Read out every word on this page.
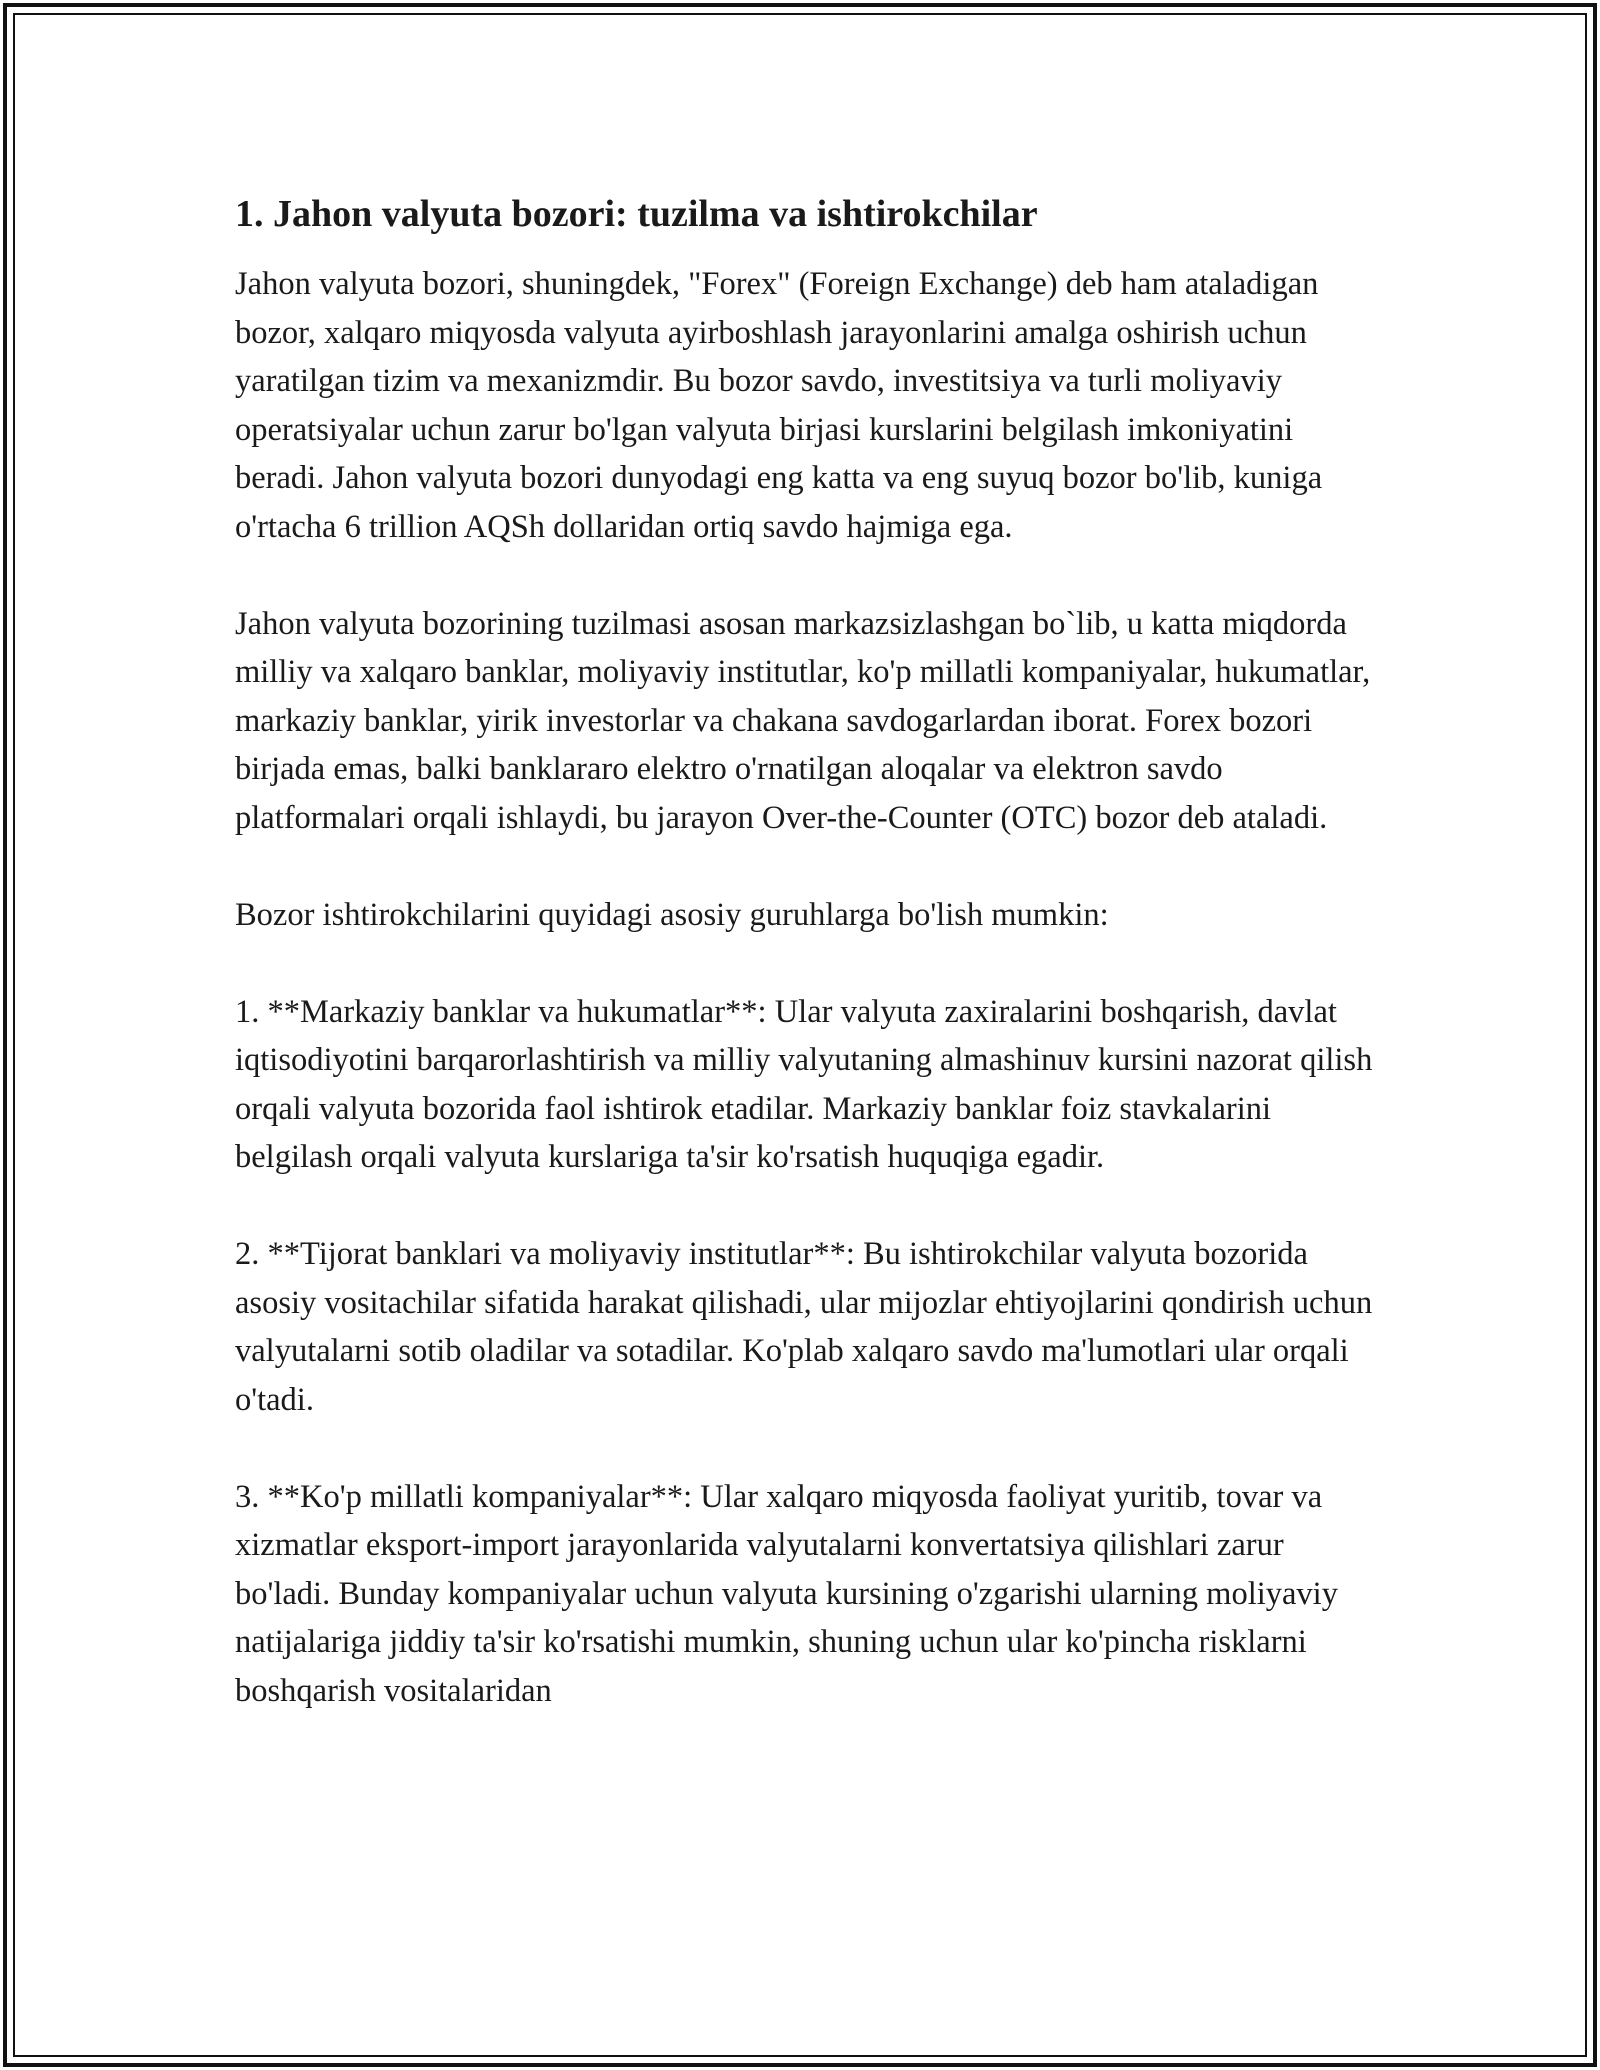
1. Jahon valyuta bozori: tuzilma va ishtirokchilar

Jahon valyuta bozori, shuningdek, "Forex" (Foreign Exchange) deb ham ataladigan bozor, xalqaro miqyosda valyuta ayirboshlash jarayonlarini amalga oshirish uchun yaratilgan tizim va mexanizmdir. Bu bozor savdo, investitsiya va turli moliyaviy operatsiyalar uchun zarur bo'lgan valyuta birjasi kurslarini belgilash imkoniyatini beradi. Jahon valyuta bozori dunyodagi eng katta va eng suyuq bozor bo'lib, kuniga o'rtacha 6 trillion AQSh dollaridan ortiq savdo hajmiga ega.

Jahon valyuta bozorining tuzilmasi asosan markazsizlashgan bo`lib, u katta miqdorda milliy va xalqaro banklar, moliyaviy institutlar, ko'p millatli kompaniyalar, hukumatlar, markaziy banklar, yirik investorlar va chakana savdogarlardan iborat. Forex bozori birjada emas, balki banklararo elektro o'rnatilgan aloqalar va elektron savdo platformalari orqali ishlaydi, bu jarayon Over-the-Counter (OTC) bozor deb ataladi.

Bozor ishtirokchilarini quyidagi asosiy guruhlarga bo'lish mumkin:

1. **Markaziy banklar va hukumatlar**: Ular valyuta zaxiralarini boshqarish, davlat iqtisodiyotini barqarorlashtirish va milliy valyutaning almashinuv kursini nazorat qilish orqali valyuta bozorida faol ishtirok etadilar. Markaziy banklar foiz stavkalarini belgilash orqali valyuta kurslariga ta'sir ko'rsatish huquqiga egadir.

2. **Tijorat banklari va moliyaviy institutlar**: Bu ishtirokchilar valyuta bozorida asosiy vositachilar sifatida harakat qilishadi, ular mijozlar ehtiyojlarini qondirish uchun valyutalarni sotib oladilar va sotadilar. Ko'plab xalqaro savdo ma'lumotlari ular orqali o'tadi.

3. **Ko'p millatli kompaniyalar**: Ular xalqaro miqyosda faoliyat yuritib, tovar va xizmatlar eksport-import jarayonlarida valyutalarni konvertatsiya qilishlari zarur bo'ladi. Bunday kompaniyalar uchun valyuta kursining o'zgarishi ularning moliyaviy natijalariga jiddiy ta'sir ko'rsatishi mumkin, shuning uchun ular ko'pincha risklarni boshqarish vositalaridan
